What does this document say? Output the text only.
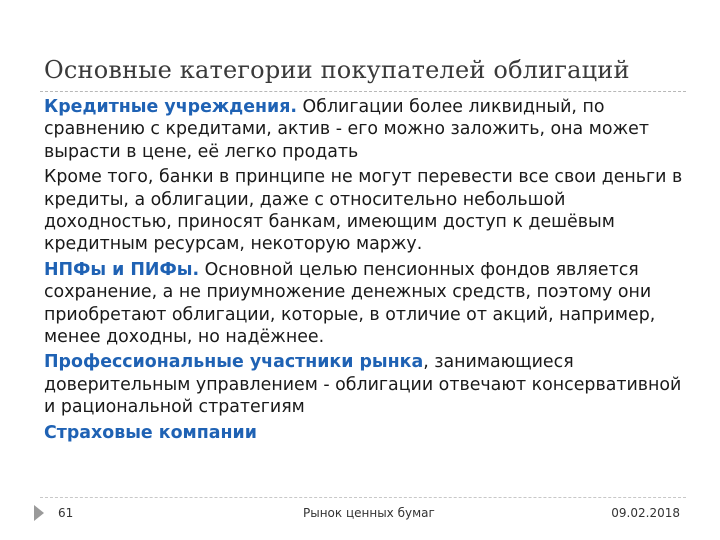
Основные категории покупателей облигаций

Кредитные учреждения. Облигации более ликвидный, по сравнению с кредитами, актив - его можно заложить, она может вырасти в цене, её легко продать

Кроме того, банки в принципе не могут перевести все свои деньги в кредиты, а облигации, даже с относительно небольшой доходностью, приносят банкам, имеющим доступ к дешёвым кредитным ресурсам, некоторую маржу.

НПФы и ПИФы. Основной целью пенсионных фондов является сохранение, а не приумножение денежных средств, поэтому они приобретают облигации, которые, в отличие от акций, например, менее доходны, но надёжнее.

Профессиональные участники рынка, занимающиеся доверительным управлением - облигации отвечают консервативной и рациональной стратегиям

Страховые компании

61	Рынок ценных бумаг	09.02.2018
